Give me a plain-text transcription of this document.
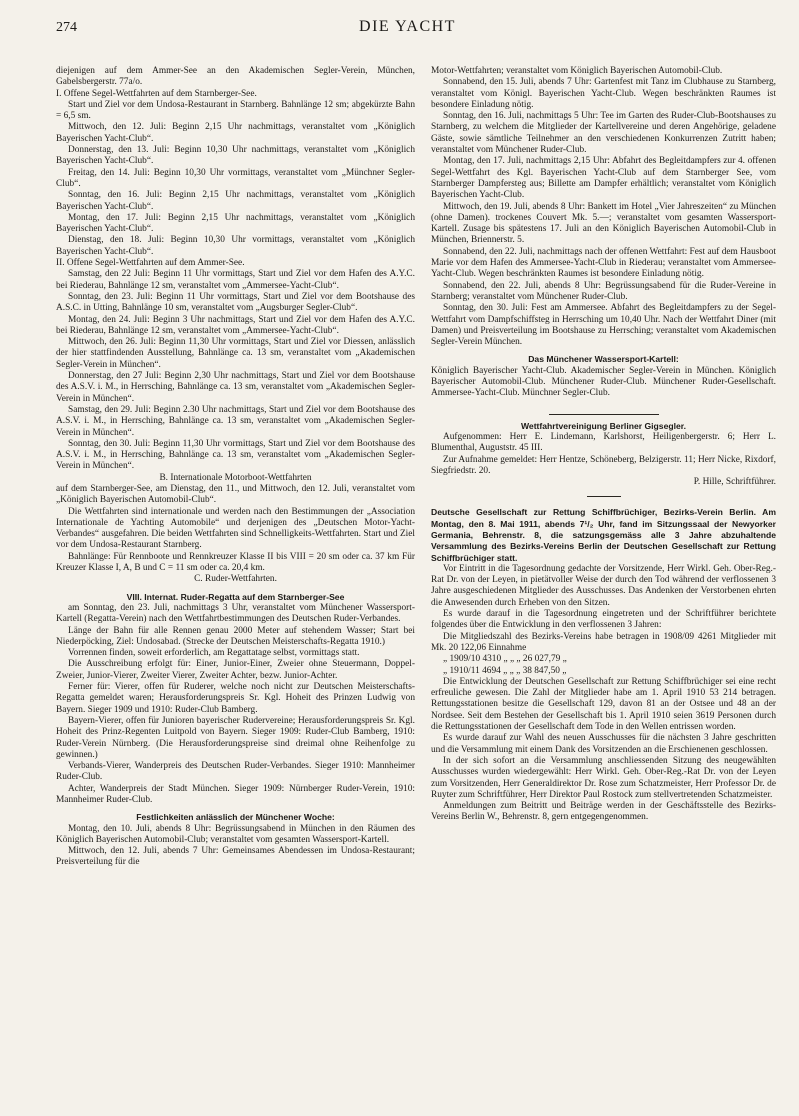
274	DIE YACHT

diejenigen auf dem Ammer-See an den Akademischen Segler-Verein, München, Gabelsbergerstr. 77a/o.

I. Offene Segel-Wettfahrten auf dem Starnberger-See.

Start und Ziel vor dem Undosa-Restaurant in Starnberg. Bahnlänge 12 sm; abgekürzte Bahn = 6,5 sm.

Mittwoch, den 12. Juli: Beginn 2,15 Uhr nachmittags, veranstaltet vom „Königlich Bayerischen Yacht-Club“.

Donnerstag, den 13. Juli: Beginn 10,30 Uhr nachmittags, veranstaltet vom „Königlich Bayerischen Yacht-Club“.

Freitag, den 14. Juli: Beginn 10,30 Uhr vormittags, veranstaltet vom „Münchner Segler-Club“.

Sonntag, den 16. Juli: Beginn 2,15 Uhr nachmittags, veranstaltet vom „Königlich Bayerischen Yacht-Club“.

Montag, den 17. Juli: Beginn 2,15 Uhr nachmittags, veranstaltet vom „Königlich Bayerischen Yacht-Club“.

Dienstag, den 18. Juli: Beginn 10,30 Uhr vormittags, veranstaltet vom „Königlich Bayerischen Yacht-Club“.

II. Offene Segel-Wettfahrten auf dem Ammer-See.

Samstag, den 22 Juli: Beginn 11 Uhr vormittags, Start und Ziel vor dem Hafen des A.Y.C. bei Riederau, Bahnlänge 12 sm, veranstaltet vom „Ammersee-Yacht-Club“.

Sonntag, den 23. Juli: Beginn 11 Uhr vormittags, Start und Ziel vor dem Bootshause des A.S.C. in Utting, Bahnlänge 10 sm, veranstaltet vom „Augsburger Segler-Club“.

Montag, den 24. Juli: Beginn 3 Uhr nachmittags, Start und Ziel vor dem Hafen des A.Y.C. bei Riederau, Bahnlänge 12 sm, veranstaltet vom „Ammersee-Yacht-Club“.

Mittwoch, den 26. Juli: Beginn 11,30 Uhr vormittags, Start und Ziel vor Diessen, anlässlich der hier stattfindenden Ausstellung, Bahnlänge ca. 13 sm, veranstaltet vom „Akademischen Segler-Verein in München“.

Donnerstag, den 27 Juli: Beginn 2,30 Uhr nachmittags, Start und Ziel vor dem Bootshause des A.S.V. i. M., in Herrsching, Bahnlänge ca. 13 sm, veranstaltet vom „Akademischen Segler-Verein in München“.

Samstag, den 29. Juli: Beginn 2.30 Uhr nachmittags, Start und Ziel vor dem Bootshause des A.S.V. i. M., in Herrsching, Bahnlänge ca. 13 sm, veranstaltet vom „Akademischen Segler-Verein in München“.

Sonntag, den 30. Juli: Beginn 11,30 Uhr vormittags, Start und Ziel vor dem Bootshause des A.S.V. i. M., in Herrsching, Bahnlänge ca. 13 sm, veranstaltet vom „Akademischen Segler-Verein in München“.

B. Internationale Motorboot-Wettfahrten

auf dem Starnberger-See, am Dienstag, den 11., und Mittwoch, den 12. Juli, veranstaltet vom „Königlich Bayerischen Automobil-Club“.

Die Wettfahrten sind internationale und werden nach den Bestimmungen der „Association Internationale de Yachting Automobile“ und derjenigen des „Deutschen Motor-Yacht-Verbandes“ ausgefahren. Die beiden Wettfahrten sind Schnelligkeits-Wettfahrten. Start und Ziel vor dem Undosa-Restaurant Starnberg.

Bahnlänge: Für Rennboote und Rennkreuzer Klasse II bis VIII = 20 sm oder ca. 37 km Für Kreuzer Klasse I, A, B und C = 11 sm oder ca. 20,4 km.

C. Ruder-Wettfahrten.

VIII. Internat. Ruder-Regatta auf dem Starnberger-See

am Sonntag, den 23. Juli, nachmittags 3 Uhr, veranstaltet vom Münchener Wassersport-Kartell (Regatta-Verein) nach den Wettfahrtbestimmungen des Deutschen Ruder-Verbandes.

Länge der Bahn für alle Rennen genau 2000 Meter auf stehendem Wasser; Start bei Niederpöcking, Ziel: Undosabad. (Strecke der Deutschen Meisterschafts-Regatta 1910.)

Vorrennen finden, soweit erforderlich, am Regattatage selbst, vormittags statt.

Die Ausschreibung erfolgt für: Einer, Junior-Einer, Zweier ohne Steuermann, Doppel-Zweier, Junior-Vierer, Zweiter Vierer, Zweiter Achter, bezw. Junior-Achter.

Ferner für: Vierer, offen für Ruderer, welche noch nicht zur Deutschen Meisterschafts-Regatta gemeldet waren; Herausforderungspreis Sr. Kgl. Hoheit des Prinzen Ludwig von Bayern. Sieger 1909 und 1910: Ruder-Club Bamberg.

Bayern-Vierer, offen für Junioren bayerischer Rudervereine; Herausforderungspreis Sr. Kgl. Hoheit des Prinz-Regenten Luitpold von Bayern. Sieger 1909: Ruder-Club Bamberg, 1910: Ruder-Verein Nürnberg. (Die Herausforderungspreise sind dreimal ohne Reihenfolge zu gewinnen.)

Verbands-Vierer, Wanderpreis des Deutschen Ruder-Verbandes. Sieger 1910: Mannheimer Ruder-Club.

Achter, Wanderpreis der Stadt München. Sieger 1909: Nürnberger Ruder-Verein, 1910: Mannheimer Ruder-Club.

Festlichkeiten anlässlich der Münchener Woche:

Montag, den 10. Juli, abends 8 Uhr: Begrüssungsabend in München in den Räumen des Königlich Bayerischen Automobil-Club; veranstaltet vom gesamten Wassersport-Kartell.

Mittwoch, den 12. Juli, abends 7 Uhr: Gemeinsames Abendessen im Undosa-Restaurant; Preisverteilung für die

Motor-Wettfahrten; veranstaltet vom Königlich Bayerischen Automobil-Club.

Sonnabend, den 15. Juli, abends 7 Uhr: Gartenfest mit Tanz im Clubhause zu Starnberg, veranstaltet vom Königl. Bayerischen Yacht-Club. Wegen beschränkten Raumes ist besondere Einladung nötig.

Sonntag, den 16. Juli, nachmittags 5 Uhr: Tee im Garten des Ruder-Club-Bootshauses zu Starnberg, zu welchem die Mitglieder der Kartellvereine und deren Angehörige, geladene Gäste, sowie sämtliche Teilnehmer an den verschiedenen Konkurrenzen Zutritt haben; veranstaltet vom Münchener Ruder-Club.

Montag, den 17. Juli, nachmittags 2,15 Uhr: Abfahrt des Begleitdampfers zur 4. offenen Segel-Wettfahrt des Kgl. Bayerischen Yacht-Club auf dem Starnberger See, vom Starnberger Dampfersteg aus; Billette am Dampfer erhältlich; veranstaltet vom Königlich Bayerischen Yacht-Club.

Mittwoch, den 19. Juli, abends 8 Uhr: Bankett im Hotel „Vier Jahreszeiten“ zu München (ohne Damen). trockenes Couvert Mk. 5.—; veranstaltet vom gesamten Wassersport-Kartell. Zusage bis spätestens 17. Juli an den Königlich Bayerischen Automobil-Club in München, Briennerstr. 5.

Sonnabend, den 22. Juli, nachmittags nach der offenen Wettfahrt: Fest auf dem Hausboot Marie vor dem Hafen des Ammersee-Yacht-Club in Riederau; veranstaltet vom Ammersee-Yacht-Club. Wegen beschränkten Raumes ist besondere Einladung nötig.

Sonnabend, den 22. Juli, abends 8 Uhr: Begrüssungsabend für die Ruder-Vereine in Starnberg; veranstaltet vom Münchener Ruder-Club.

Sonntag, den 30. Juli: Fest am Ammersee. Abfahrt des Begleitdampfers zu der Segel-Wettfahrt vom Dampfschiffsteg in Herrsching um 10,40 Uhr. Nach der Wettfahrt Diner (mit Damen) und Preisverteilung im Bootshause zu Herrsching; veranstaltet vom Akademischen Segler-Verein München.

Das Münchener Wassersport-Kartell:

Königlich Bayerischer Yacht-Club. Akademischer Segler-Verein in München. Königlich Bayerischer Automobil-Club. Münchener Ruder-Club. Münchener Ruder-Gesellschaft. Ammersee-Yacht-Club. Münchner Segler-Club.

Wettfahrtvereinigung Berliner Gigsegler.

Aufgenommen: Herr E. Lindemann, Karlshorst, Heiligenbergerstr. 6; Herr L. Blumenthal, Auguststr. 45 III.

Zur Aufnahme gemeldet: Herr Hentze, Schöneberg, Belzigerstr. 11; Herr Nicke, Rixdorf, Siegfriedstr. 20.

P. Hille, Schriftführer.

Deutsche Gesellschaft zur Rettung Schiffbrüchiger, Bezirks-Verein Berlin. Am Montag, den 8. Mai 1911, abends 7¹/₂ Uhr, fand im Sitzungssaal der Newyorker Germania, Behrenstr. 8, die satzungsgemäss alle 3 Jahre abzuhaltende Versammlung des Bezirks-Vereins Berlin der Deutschen Gesellschaft zur Rettung Schiffbrüchiger statt.

Vor Eintritt in die Tagesordnung gedachte der Vorsitzende, Herr Wirkl. Geh. Ober-Reg.-Rat Dr. von der Leyen, in pietätvoller Weise der durch den Tod während der verflossenen 3 Jahre ausgeschiedenen Mitglieder des Ausschusses. Das Andenken der Verstorbenen ehrten die Anwesenden durch Erheben von den Sitzen.

Es wurde darauf in die Tagesordnung eingetreten und der Schriftführer berichtete folgendes über die Entwicklung in den verflossenen 3 Jahren:

Die Mitgliedszahl des Bezirks-Vereins habe betragen in 1908/09 4261 Mitglieder mit Mk. 20 122,06 Einnahme

„ 1909/10 4310 „ „ „ 26 027,79 „

„ 1910/11 4694 „ „ „ 38 847,50 „

Die Entwicklung der Deutschen Gesellschaft zur Rettung Schiffbrüchiger sei eine recht erfreuliche gewesen. Die Zahl der Mitglieder habe am 1. April 1910 53 214 betragen. Rettungsstationen besitze die Gesellschaft 129, davon 81 an der Ostsee und 48 an der Nordsee. Seit dem Bestehen der Gesellschaft bis 1. April 1910 seien 3619 Personen durch die Rettungsstationen der Gesellschaft dem Tode in den Wellen entrissen worden.

Es wurde darauf zur Wahl des neuen Ausschusses für die nächsten 3 Jahre geschritten und die Versammlung mit einem Dank des Vorsitzenden an die Erschienenen geschlossen.

In der sich sofort an die Versammlung anschliessenden Sitzung des neugewählten Ausschusses wurden wiedergewählt: Herr Wirkl. Geh. Ober-Reg.-Rat Dr. von der Leyen zum Vorsitzenden, Herr Generaldirektor Dr. Rose zum Schatzmeister, Herr Professor Dr. de Ruyter zum Schriftführer, Herr Direktor Paul Rostock zum stellvertretenden Schatzmeister.

Anmeldungen zum Beitritt und Beiträge werden in der Geschäftsstelle des Bezirks-Vereins Berlin W., Behrenstr. 8, gern entgegengenommen.
